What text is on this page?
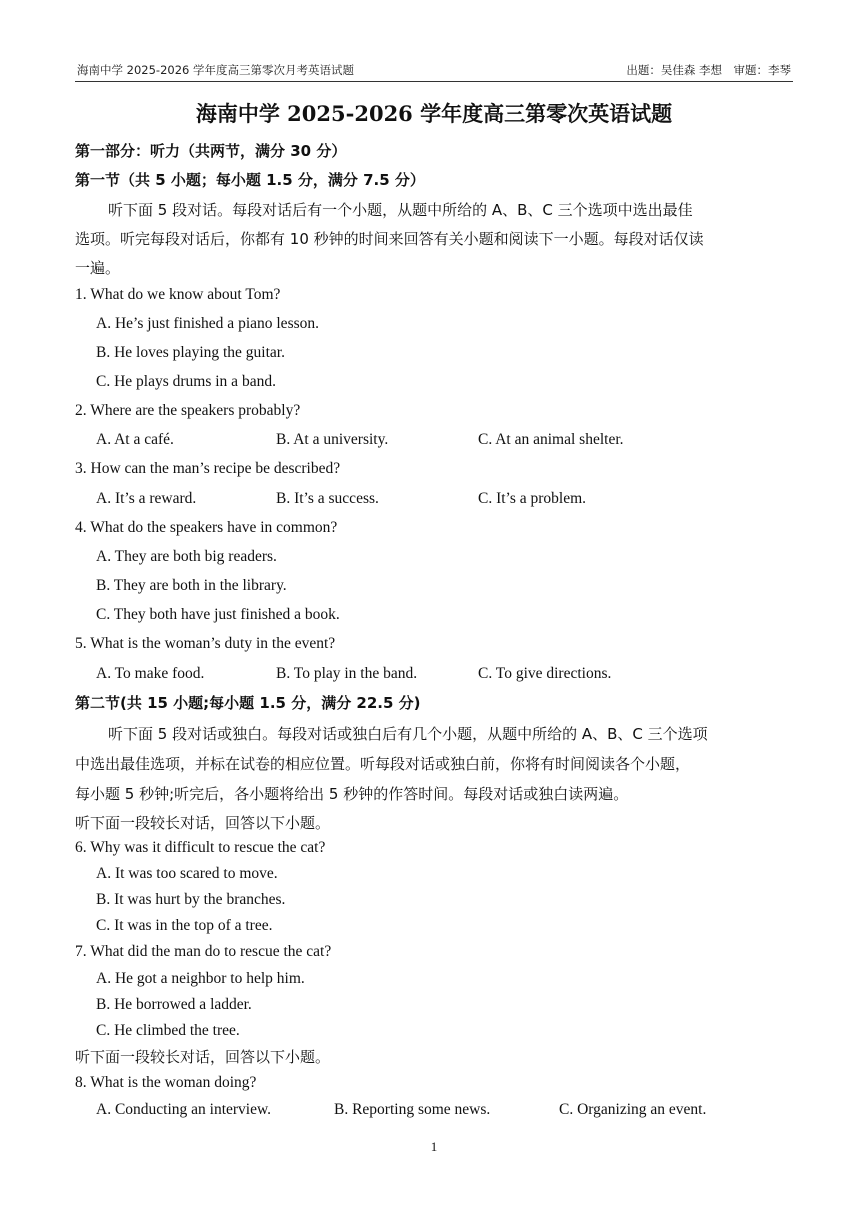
海南中学 2025-2026 学年度高三第零次月考英语试题	出题：吴佳森 李想　审题：李琴
海南中学 2025-2026 学年度高三第零次英语试题
第一部分：听力（共两节，满分 30 分）
第一节（共 5 小题；每小题 1.5 分，满分 7.5 分）
听下面 5 段对话。每段对话后有一个小题，从题中所给的 A、B、C 三个选项中选出最佳
选项。听完每段对话后，你都有 10 秒钟的时间来回答有关小题和阅读下一小题。每段对话仅读
一遍。
1. What do we know about Tom?
A. He’s just finished a piano lesson.
B. He loves playing the guitar.
C. He plays drums in a band.
2. Where are the speakers probably?
A. At a café.	B. At a university.	C. At an animal shelter.
3. How can the man’s recipe be described?
A. It’s a reward.	B. It’s a success.	C. It’s a problem.
4. What do the speakers have in common?
A. They are both big readers.
B. They are both in the library.
C. They both have just finished a book.
5. What is the woman’s duty in the event?
A. To make food.	B. To play in the band.	C. To give directions.
第二节(共 15 小题;每小题 1.5 分，满分 22.5 分)
听下面 5 段对话或独白。每段对话或独白后有几个小题，从题中所给的 A、B、C 三个选项
中选出最佳选项，并标在试卷的相应位置。听每段对话或独白前，你将有时间阅读各个小题，
每小题 5 秒钟;听完后，各小题将给出 5 秒钟的作答时间。每段对话或独白读两遍。
听下面一段较长对话，回答以下小题。
6. Why was it difficult to rescue the cat?
A. It was too scared to move.
B. It was hurt by the branches.
C. It was in the top of a tree.
7. What did the man do to rescue the cat?
A. He got a neighbor to help him.
B. He borrowed a ladder.
C. He climbed the tree.
听下面一段较长对话，回答以下小题。
8. What is the woman doing?
A. Conducting an interview.	B. Reporting some news.	C. Organizing an event.
1
